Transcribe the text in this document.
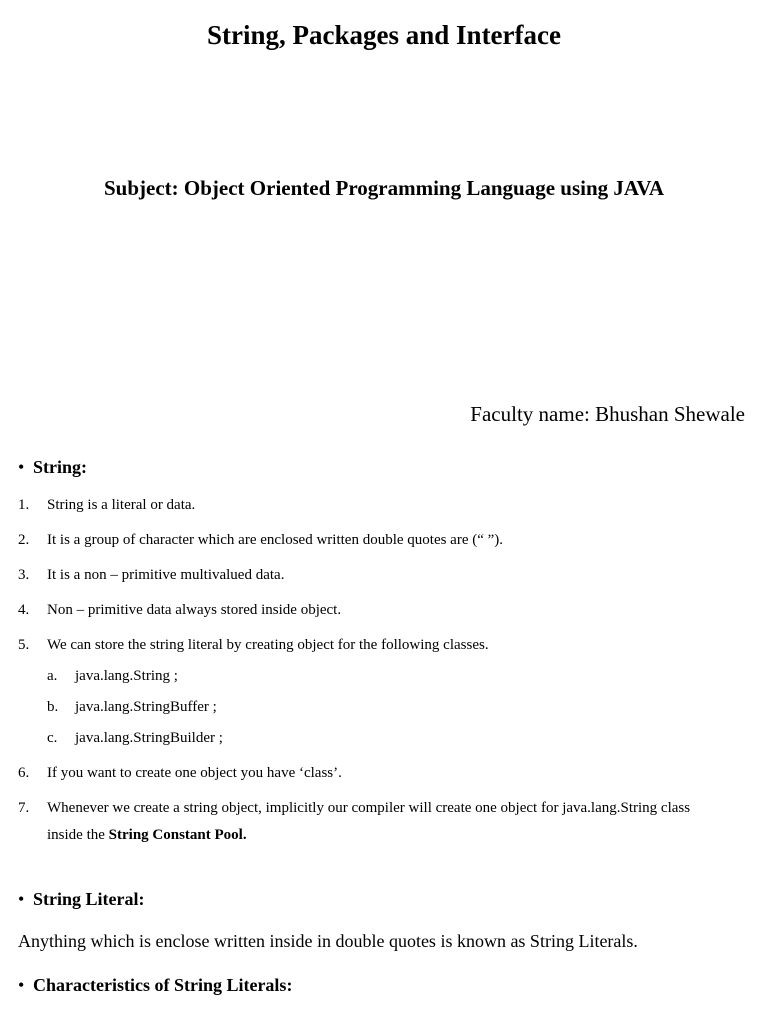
String, Packages and Interface
Subject: Object Oriented Programming Language using JAVA
Faculty name: Bhushan Shewale
• String:
1. String is a literal or data.
2. It is a group of character which are enclosed written double quotes are (“ ”).
3. It is a non – primitive multivalued data.
4. Non – primitive data always stored inside object.
5. We can store the string literal by creating object for the following classes.
a. java.lang.String ;
b. java.lang.StringBuffer ;
c. java.lang.StringBuilder ;
6. If you want to create one object you have ‘class’.
7. Whenever we create a string object, implicitly our compiler will create one object for java.lang.String class
inside the String Constant Pool.
• String Literal:
Anything which is enclose written inside in double quotes is known as String Literals.
• Characteristics of String Literals:
